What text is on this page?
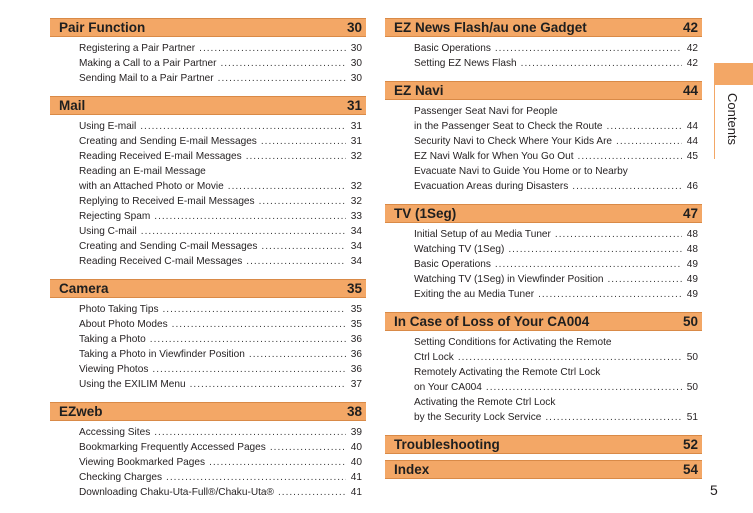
Pair Function	30
Registering a Pair Partner .....	30
Making a Call to a Pair Partner .....	30
Sending Mail to a Pair Partner .....	30
Mail	31
Using E-mail .....	31
Creating and Sending E-mail Messages .....	31
Reading Received E-mail Messages .....	32
Reading an E-mail Message
with an Attached Photo or Movie .....	32
Replying to Received E-mail Messages .....	32
Rejecting Spam .....	33
Using C-mail .....	34
Creating and Sending C-mail Messages .....	34
Reading Received C-mail Messages .....	34
Camera	35
Photo Taking Tips .....	35
About Photo Modes .....	35
Taking a Photo .....	36
Taking a Photo in Viewfinder Position .....	36
Viewing Photos .....	36
Using the EXILIM Menu .....	37
EZweb	38
Accessing Sites .....	39
Bookmarking Frequently Accessed Pages .....	40
Viewing Bookmarked Pages .....	40
Checking Charges .....	41
Downloading Chaku-Uta-Full®/Chaku-Uta® .....	41
EZ News Flash/au one Gadget	42
Basic Operations .....	42
Setting EZ News Flash .....	42
EZ Navi	44
Passenger Seat Navi for People
in the Passenger Seat to Check the Route .....	44
Security Navi to Check Where Your Kids Are .....	44
EZ Navi Walk for When You Go Out .....	45
Evacuate Navi to Guide You Home or to Nearby
Evacuation Areas during Disasters .....	46
TV (1Seg)	47
Initial Setup of au Media Tuner .....	48
Watching TV (1Seg) .....	48
Basic Operations .....	49
Watching TV (1Seg) in Viewfinder Position .....	49
Exiting the au Media Tuner .....	49
In Case of Loss of Your CA004	50
Setting Conditions for Activating the Remote
Ctrl Lock .....	50
Remotely Activating the Remote Ctrl Lock
on Your CA004 .....	50
Activating the Remote Ctrl Lock
by the Security Lock Service .....	51
Troubleshooting	52
Index	54
Contents
5
